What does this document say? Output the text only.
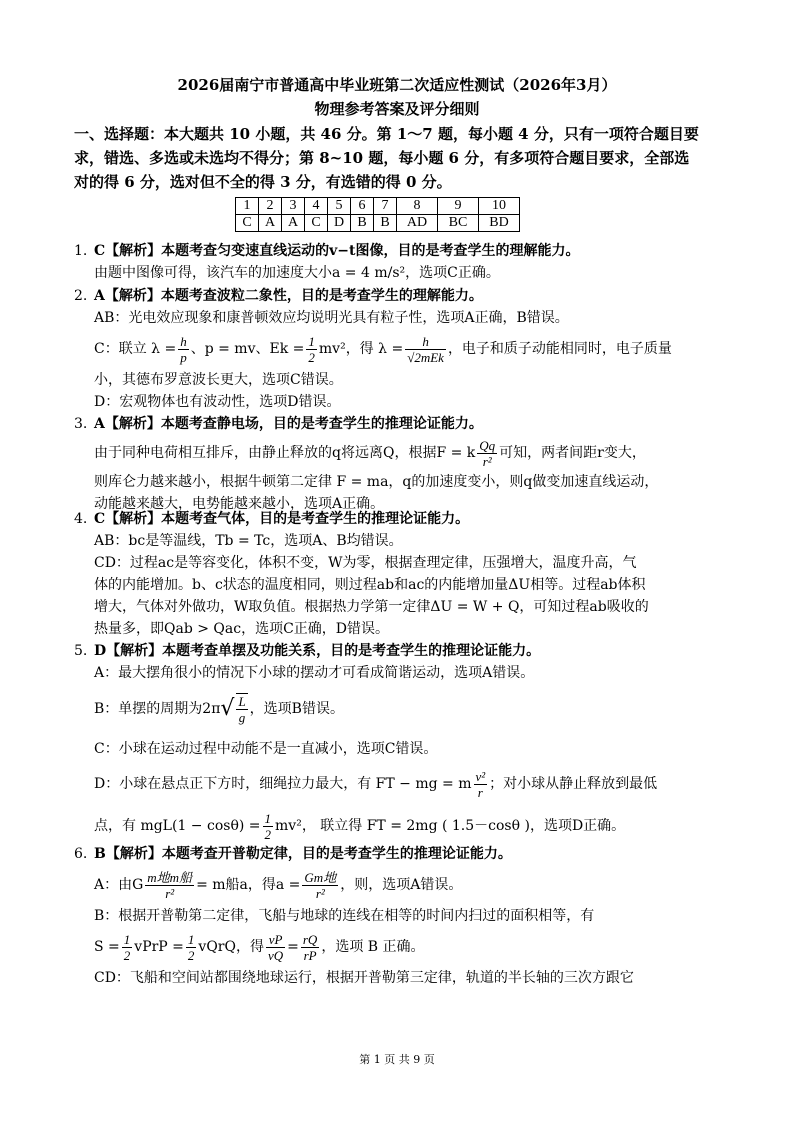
2026届南宁市普通高中毕业班第二次适应性测试（2026年3月）
物理参考答案及评分细则
一、选择题：本大题共 10 小题，共 46 分。第 1～7 题，每小题 4 分，只有一项符合题目要
求，错选、多选或未选均不得分；第 8~10 题，每小题 6 分，有多项符合题目要求，全部选
对的得 6 分，选对但不全的得 3 分，有选错的得 0 分。
1	2	3	4	5	6	7	8	9	10
C	A	A	C	D	B	B	AD	BC	BD
1. C【解析】本题考查匀变速直线运动的v−t图像，目的是考查学生的理解能力。
由题中图像可得，该汽车的加速度大小a = 4 m/s²，选项C正确。
2. A【解析】本题考查波粒二象性，目的是考查学生的理解能力。
AB：光电效应现象和康普顿效应均说明光具有粒子性，选项A正确，B错误。
C：联立 $\lambda = \frac{h}{p}$ 、p = mv、$Ek = \frac{1}{2} mv^2$，得 $\lambda = \frac{h}{\text{√2mEk}}$ ，电子和质子动能相同时，电子质量
小，其德布罗意波长更大，选项C错误。
D：宏观物体也有波动性，选项D错误。
3. A【解析】本题考查静电场，目的是考查学生的推理论证能力。
由于同种电荷相互排斥，由静止释放的q将远离Q，根据F = k $\frac{Qq}{\text{r²}}$ 可知，两者间距r变大，
则库仑力越来越小，根据牛顿第二定律 F = ma，q的加速度变小，则q做变加速直线运动，
动能越来越大，电势能越来越小，选项A正确。
4. C【解析】本题考查气体，目的是考查学生的推理论证能力。
AB：bc是等温线，Tb = Tc，选项A、B均错误。
CD：过程ac是等容变化，体积不变，W为零，根据查理定律，压强增大，温度升高，气
体的内能增加。b、c状态的温度相同，则过程ab和ac的内能增加量ΔU相等。过程ab体积
增大，气体对外做功，W取负值。根据热力学第一定律ΔU = W + Q，可知过程ab吸收的
热量多，即Qab > Qac，选项C正确，D错误。
5. D【解析】本题考查单摆及功能关系，目的是考查学生的推理论证能力。
A：最大摆角很小的情况下小球的摆动才可看成简谐运动，选项A错误。
B：单摆的周期为$2\pi√ \frac{L}{g}$ ，选项B错误。
C：小球在运动过程中动能不是一直减小，选项C错误。
D：小球在悬点正下方时，细绳拉力最大，有 FT − mg = m $\frac{\text{v²}}{r}$ ；对小球从静止释放到最低
点，有 $mgL(1 - \cos\theta) = \frac{1}{2} mv^2$， 联立得 FT = 2mg ( 1.5－cosθ )，选项D正确。
6. B【解析】本题考查开普勒定律，目的是考查学生的推理论证能力。
A：由G $\frac{\text{m地m船}}{\text{r²}} = m$船a，得$a = \frac{\text{Gm地}}{\text{r²}}$ ，则，选项A错误。
B：根据开普勒第二定律，飞船与地球的连线在相等的时间内扫过的面积相等，有
$S = \frac{1}{2}$ vPrP = $\frac{1}{2}$ vQrQ，得 $\frac{vP}{vQ} = \frac{rQ}{rP}$ ，选项 B 正确。
CD：飞船和空间站都围绕地球运行，根据开普勒第三定律，轨道的半长轴的三次方跟它
第 1 页 共 9 页
